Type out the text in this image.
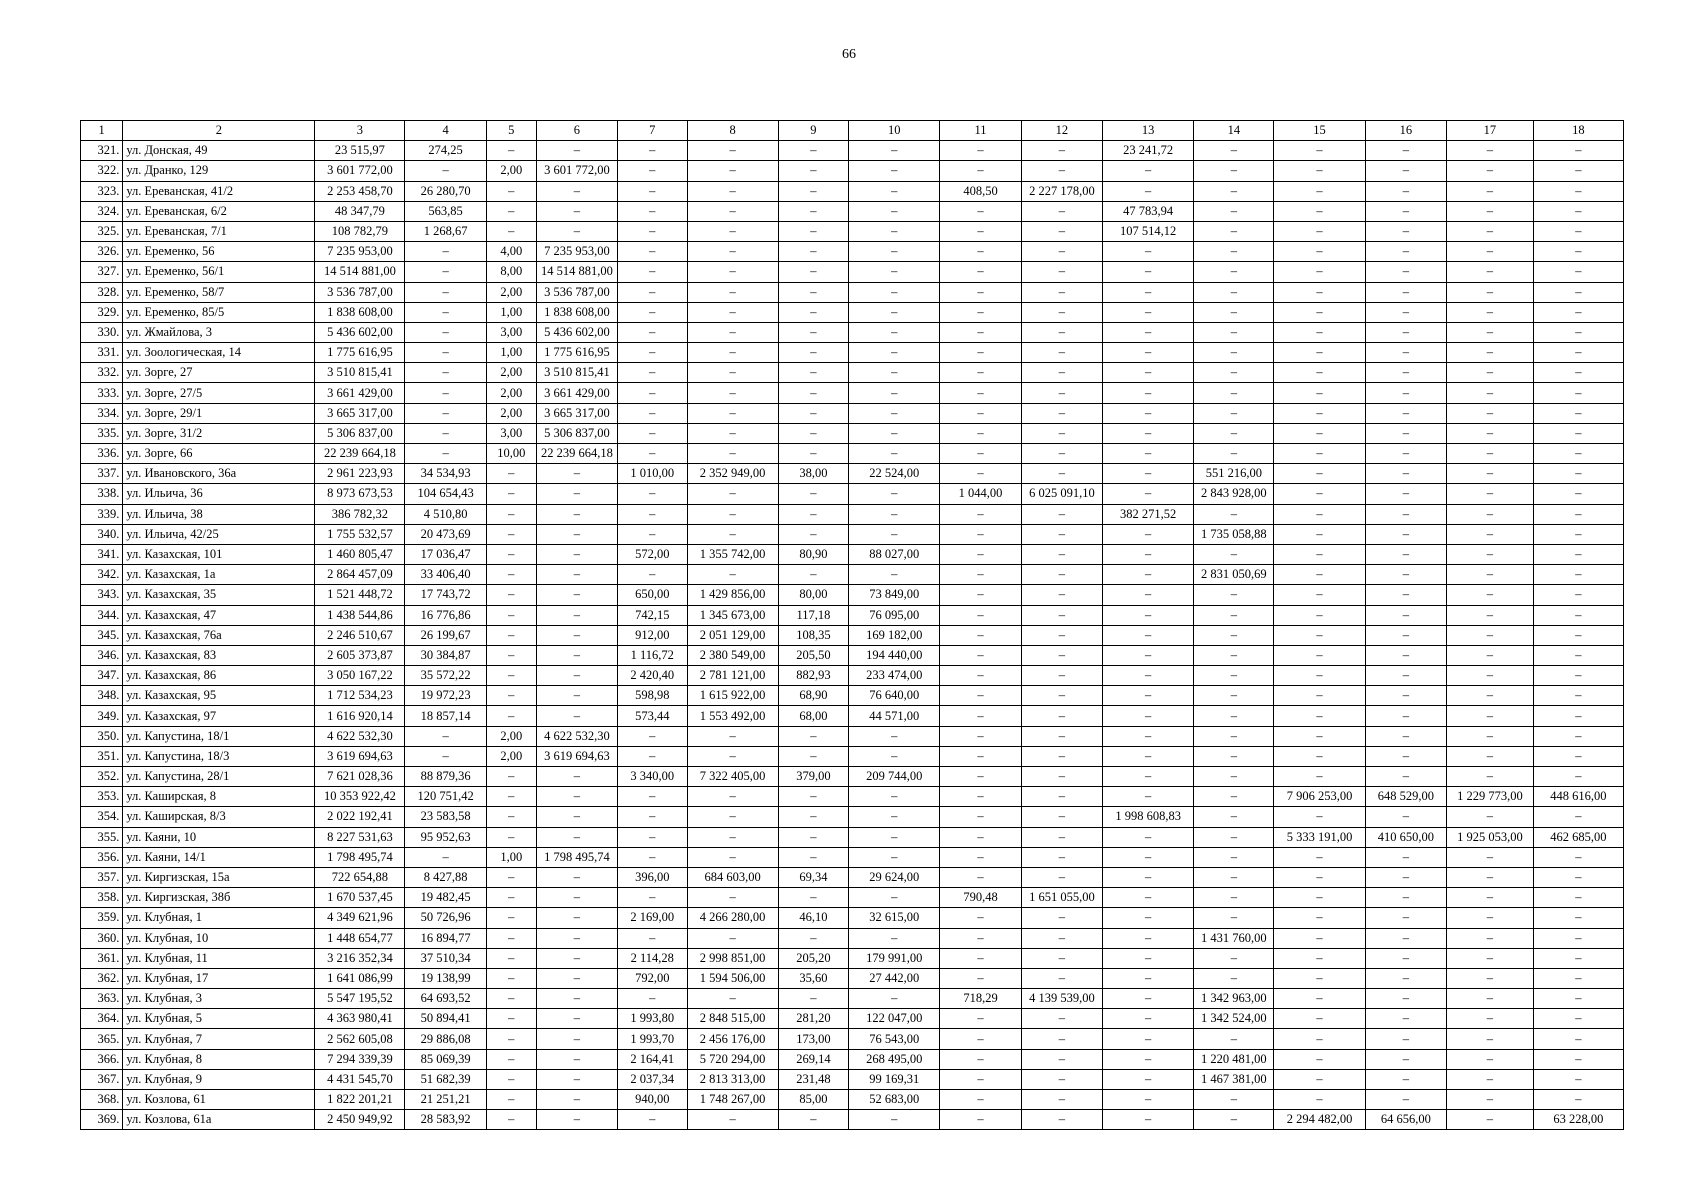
66
1	2	3	4	5	6	7	8	9	10	11	12	13	14	15	16	17	18
321.	ул. Донская, 49	23 515,97	274,25	–	–	–	–	–	–	–	–	23 241,72	–	–	–	–	–
322.	ул. Дранко, 129	3 601 772,00	–	2,00	3 601 772,00	–	–	–	–	–	–	–	–	–	–	–	–
323.	ул. Ереванская, 41/2	2 253 458,70	26 280,70	–	–	–	–	–	–	408,50	2 227 178,00	–	–	–	–	–	–
324.	ул. Ереванская, 6/2	48 347,79	563,85	–	–	–	–	–	–	–	–	47 783,94	–	–	–	–	–
325.	ул. Ереванская, 7/1	108 782,79	1 268,67	–	–	–	–	–	–	–	–	107 514,12	–	–	–	–	–
326.	ул. Еременко, 56	7 235 953,00	–	4,00	7 235 953,00	–	–	–	–	–	–	–	–	–	–	–	–
327.	ул. Еременко, 56/1	14 514 881,00	–	8,00	14 514 881,00	–	–	–	–	–	–	–	–	–	–	–	–
328.	ул. Еременко, 58/7	3 536 787,00	–	2,00	3 536 787,00	–	–	–	–	–	–	–	–	–	–	–	–
329.	ул. Еременко, 85/5	1 838 608,00	–	1,00	1 838 608,00	–	–	–	–	–	–	–	–	–	–	–	–
330.	ул. Жмайлова, 3	5 436 602,00	–	3,00	5 436 602,00	–	–	–	–	–	–	–	–	–	–	–	–
331.	ул. Зоологическая, 14	1 775 616,95	–	1,00	1 775 616,95	–	–	–	–	–	–	–	–	–	–	–	–
332.	ул. Зорге, 27	3 510 815,41	–	2,00	3 510 815,41	–	–	–	–	–	–	–	–	–	–	–	–
333.	ул. Зорге, 27/5	3 661 429,00	–	2,00	3 661 429,00	–	–	–	–	–	–	–	–	–	–	–	–
334.	ул. Зорге, 29/1	3 665 317,00	–	2,00	3 665 317,00	–	–	–	–	–	–	–	–	–	–	–	–
335.	ул. Зорге, 31/2	5 306 837,00	–	3,00	5 306 837,00	–	–	–	–	–	–	–	–	–	–	–	–
336.	ул. Зорге, 66	22 239 664,18	–	10,00	22 239 664,18	–	–	–	–	–	–	–	–	–	–	–	–
337.	ул. Ивановского, 36а	2 961 223,93	34 534,93	–	–	1 010,00	2 352 949,00	38,00	22 524,00	–	–	–	551 216,00	–	–	–	–
338.	ул. Ильича, 36	8 973 673,53	104 654,43	–	–	–	–	–	–	1 044,00	6 025 091,10	–	2 843 928,00	–	–	–	–
339.	ул. Ильича, 38	386 782,32	4 510,80	–	–	–	–	–	–	–	–	382 271,52	–	–	–	–	–
340.	ул. Ильича, 42/25	1 755 532,57	20 473,69	–	–	–	–	–	–	–	–	–	1 735 058,88	–	–	–	–
341.	ул. Казахская, 101	1 460 805,47	17 036,47	–	–	572,00	1 355 742,00	80,90	88 027,00	–	–	–	–	–	–	–	–
342.	ул. Казахская, 1а	2 864 457,09	33 406,40	–	–	–	–	–	–	–	–	–	2 831 050,69	–	–	–	–
343.	ул. Казахская, 35	1 521 448,72	17 743,72	–	–	650,00	1 429 856,00	80,00	73 849,00	–	–	–	–	–	–	–	–
344.	ул. Казахская, 47	1 438 544,86	16 776,86	–	–	742,15	1 345 673,00	117,18	76 095,00	–	–	–	–	–	–	–	–
345.	ул. Казахская, 76а	2 246 510,67	26 199,67	–	–	912,00	2 051 129,00	108,35	169 182,00	–	–	–	–	–	–	–	–
346.	ул. Казахская, 83	2 605 373,87	30 384,87	–	–	1 116,72	2 380 549,00	205,50	194 440,00	–	–	–	–	–	–	–	–
347.	ул. Казахская, 86	3 050 167,22	35 572,22	–	–	2 420,40	2 781 121,00	882,93	233 474,00	–	–	–	–	–	–	–	–
348.	ул. Казахская, 95	1 712 534,23	19 972,23	–	–	598,98	1 615 922,00	68,90	76 640,00	–	–	–	–	–	–	–	–
349.	ул. Казахская, 97	1 616 920,14	18 857,14	–	–	573,44	1 553 492,00	68,00	44 571,00	–	–	–	–	–	–	–	–
350.	ул. Капустина, 18/1	4 622 532,30	–	2,00	4 622 532,30	–	–	–	–	–	–	–	–	–	–	–	–
351.	ул. Капустина, 18/3	3 619 694,63	–	2,00	3 619 694,63	–	–	–	–	–	–	–	–	–	–	–	–
352.	ул. Капустина, 28/1	7 621 028,36	88 879,36	–	–	3 340,00	7 322 405,00	379,00	209 744,00	–	–	–	–	–	–	–	–
353.	ул. Каширская, 8	10 353 922,42	120 751,42	–	–	–	–	–	–	–	–	–	–	7 906 253,00	648 529,00	1 229 773,00	448 616,00
354.	ул. Каширская, 8/3	2 022 192,41	23 583,58	–	–	–	–	–	–	–	–	1 998 608,83	–	–	–	–	–
355.	ул. Каяни, 10	8 227 531,63	95 952,63	–	–	–	–	–	–	–	–	–	–	5 333 191,00	410 650,00	1 925 053,00	462 685,00
356.	ул. Каяни, 14/1	1 798 495,74	–	1,00	1 798 495,74	–	–	–	–	–	–	–	–	–	–	–	–
357.	ул. Киргизская, 15а	722 654,88	8 427,88	–	–	396,00	684 603,00	69,34	29 624,00	–	–	–	–	–	–	–	–
358.	ул. Киргизская, 38б	1 670 537,45	19 482,45	–	–	–	–	–	–	790,48	1 651 055,00	–	–	–	–	–	–
359.	ул. Клубная, 1	4 349 621,96	50 726,96	–	–	2 169,00	4 266 280,00	46,10	32 615,00	–	–	–	–	–	–	–	–
360.	ул. Клубная, 10	1 448 654,77	16 894,77	–	–	–	–	–	–	–	–	–	1 431 760,00	–	–	–	–
361.	ул. Клубная, 11	3 216 352,34	37 510,34	–	–	2 114,28	2 998 851,00	205,20	179 991,00	–	–	–	–	–	–	–	–
362.	ул. Клубная, 17	1 641 086,99	19 138,99	–	–	792,00	1 594 506,00	35,60	27 442,00	–	–	–	–	–	–	–	–
363.	ул. Клубная, 3	5 547 195,52	64 693,52	–	–	–	–	–	–	718,29	4 139 539,00	–	1 342 963,00	–	–	–	–
364.	ул. Клубная, 5	4 363 980,41	50 894,41	–	–	1 993,80	2 848 515,00	281,20	122 047,00	–	–	–	1 342 524,00	–	–	–	–
365.	ул. Клубная, 7	2 562 605,08	29 886,08	–	–	1 993,70	2 456 176,00	173,00	76 543,00	–	–	–	–	–	–	–	–
366.	ул. Клубная, 8	7 294 339,39	85 069,39	–	–	2 164,41	5 720 294,00	269,14	268 495,00	–	–	–	1 220 481,00	–	–	–	–
367.	ул. Клубная, 9	4 431 545,70	51 682,39	–	–	2 037,34	2 813 313,00	231,48	99 169,31	–	–	–	1 467 381,00	–	–	–	–
368.	ул. Козлова, 61	1 822 201,21	21 251,21	–	–	940,00	1 748 267,00	85,00	52 683,00	–	–	–	–	–	–	–	–
369.	ул. Козлова, 61а	2 450 949,92	28 583,92	–	–	–	–	–	–	–	–	–	–	2 294 482,00	64 656,00	–	63 228,00
